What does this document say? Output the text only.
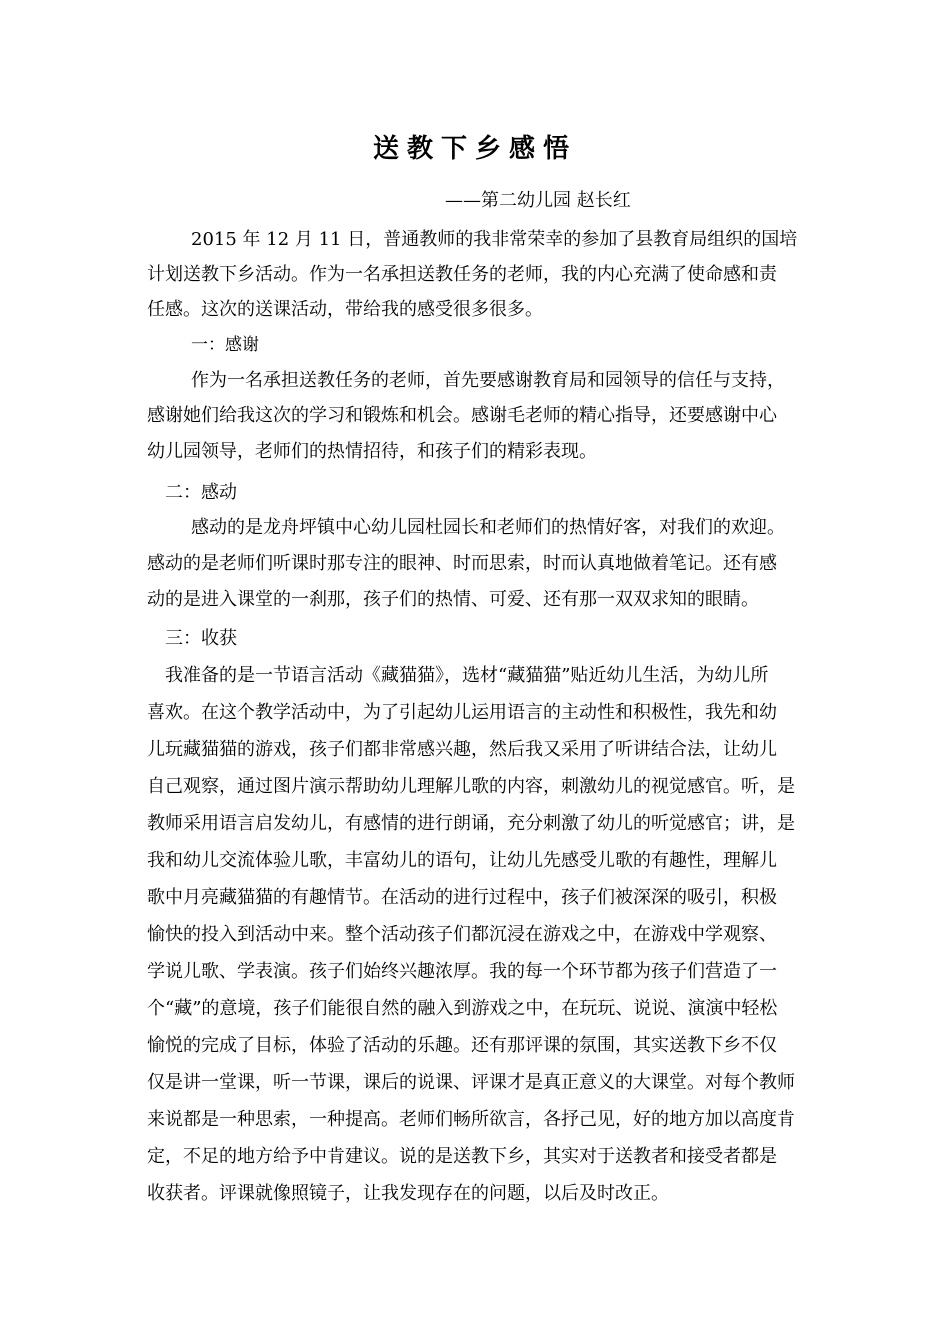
送教下乡感悟
——第二幼儿园 赵长红
2015 年 12 月 11 日，普通教师的我非常荣幸的参加了县教育局组织的国培
计划送教下乡活动。作为一名承担送教任务的老师，我的内心充满了使命感和责
任感。这次的送课活动，带给我的感受很多很多。
一：感谢
作为一名承担送教任务的老师，首先要感谢教育局和园领导的信任与支持，
感谢她们给我这次的学习和锻炼和机会。感谢毛老师的精心指导，还要感谢中心
幼儿园领导，老师们的热情招待，和孩子们的精彩表现。
二：感动
感动的是龙舟坪镇中心幼儿园杜园长和老师们的热情好客，对我们的欢迎。
感动的是老师们听课时那专注的眼神、时而思索，时而认真地做着笔记。还有感
动的是进入课堂的一刹那，孩子们的热情、可爱、还有那一双双求知的眼睛。
三：收获
我准备的是一节语言活动《藏猫猫》，选材“藏猫猫”贴近幼儿生活，为幼儿所
喜欢。在这个教学活动中，为了引起幼儿运用语言的主动性和积极性，我先和幼
儿玩藏猫猫的游戏，孩子们都非常感兴趣，然后我又采用了听讲结合法，让幼儿
自己观察，通过图片演示帮助幼儿理解儿歌的内容，刺激幼儿的视觉感官。听，是
教师采用语言启发幼儿，有感情的进行朗诵，充分刺激了幼儿的听觉感官；讲，是
我和幼儿交流体验儿歌，丰富幼儿的语句，让幼儿先感受儿歌的有趣性，理解儿
歌中月亮藏猫猫的有趣情节。在活动的进行过程中，孩子们被深深的吸引，积极
愉快的投入到活动中来。整个活动孩子们都沉浸在游戏之中，在游戏中学观察、
学说儿歌、学表演。孩子们始终兴趣浓厚。我的每一个环节都为孩子们营造了一
个“藏”的意境，孩子们能很自然的融入到游戏之中，在玩玩、说说、演演中轻松
愉悦的完成了目标，体验了活动的乐趣。还有那评课的氛围，其实送教下乡不仅
仅是讲一堂课，听一节课，课后的说课、评课才是真正意义的大课堂。对每个教师
来说都是一种思索，一种提高。老师们畅所欲言，各抒己见，好的地方加以高度肯
定，不足的地方给予中肯建议。说的是送教下乡，其实对于送教者和接受者都是
收获者。评课就像照镜子，让我发现存在的问题，以后及时改正。
